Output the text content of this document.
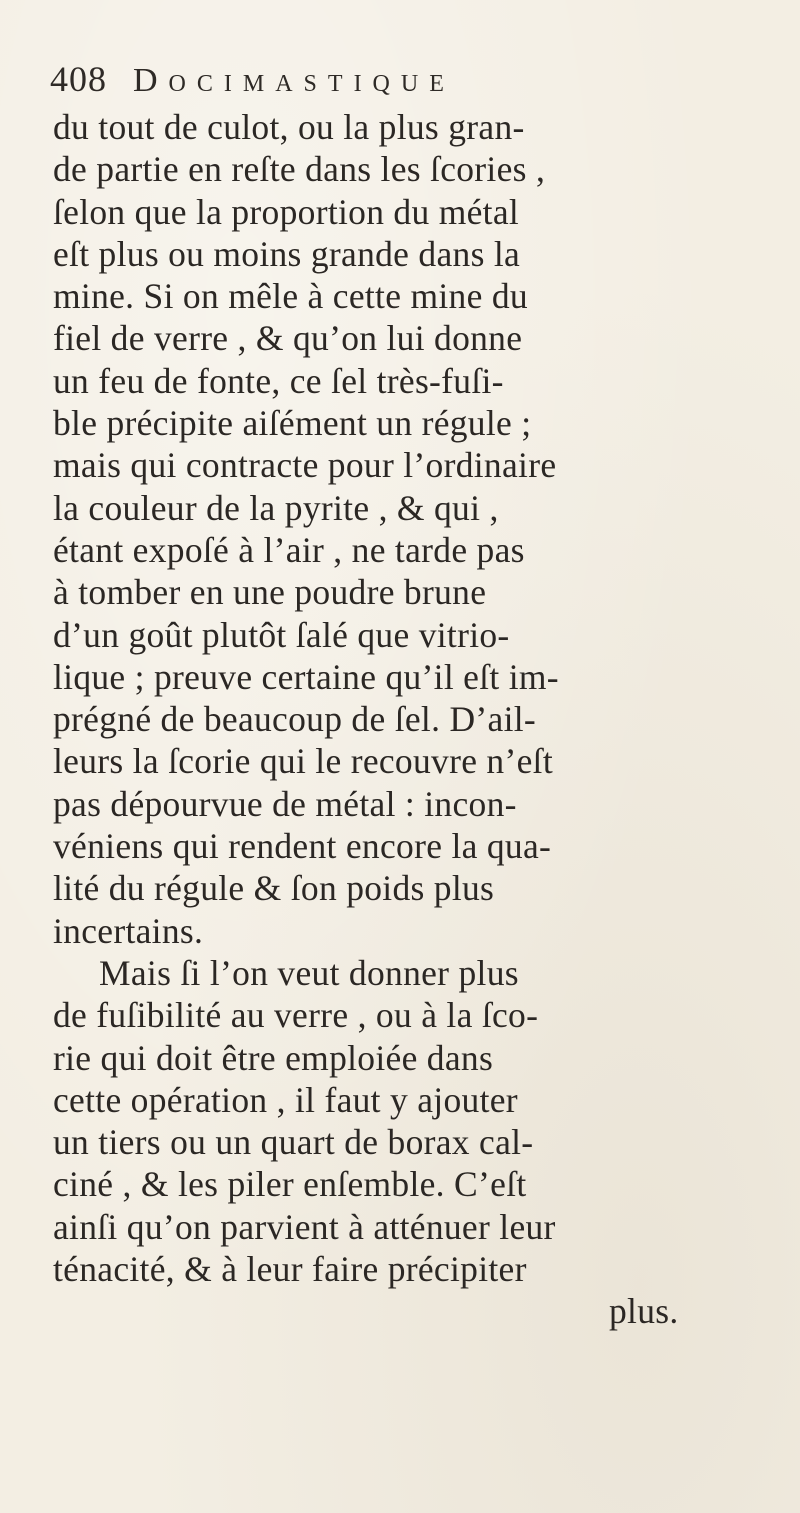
408 Docimastique
du tout de culot, ou la plus gran-
de partie en reſte dans les ſcories ,
ſelon que la proportion du métal
eſt plus ou moins grande dans la
mine. Si on mêle à cette mine du
fiel de verre , & qu’on lui donne
un feu de fonte, ce ſel très-fuſi-
ble précipite aiſément un régule ;
mais qui contracte pour l’ordinaire
la couleur de la pyrite , & qui ,
étant expoſé à l’air , ne tarde pas
à tomber en une poudre brune
d’un goût plutôt ſalé que vitrio-
lique ; preuve certaine qu’il eſt im-
prégné de beaucoup de ſel. D’ail-
leurs la ſcorie qui le recouvre n’eſt
pas dépourvue de métal : incon-
véniens qui rendent encore la qua-
lité du régule & ſon poids plus
incertains.
Mais ſi l’on veut donner plus
de fuſibilité au verre , ou à la ſco-
rie qui doit être emploiée dans
cette opération , il faut y ajouter
un tiers ou un quart de borax cal-
ciné , & les piler enſemble. C’eſt
ainſi qu’on parvient à atténuer leur
ténacité, & à leur faire précipiter
plus.
